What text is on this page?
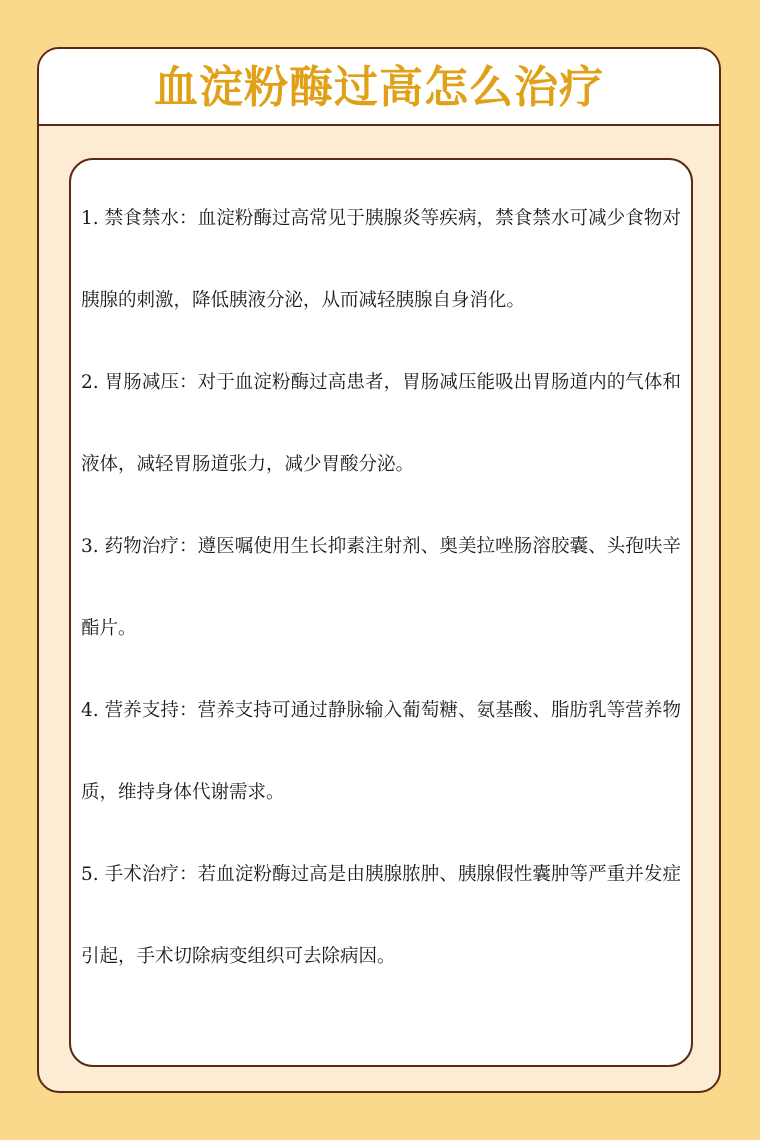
血淀粉酶过高怎么治疗

1. 禁食禁水：血淀粉酶过高常见于胰腺炎等疾病，禁食禁水可减少食物对胰腺的刺激，降低胰液分泌，从而减轻胰腺自身消化。

2. 胃肠减压：对于血淀粉酶过高患者，胃肠减压能吸出胃肠道内的气体和液体，减轻胃肠道张力，减少胃酸分泌。

3. 药物治疗：遵医嘱使用生长抑素注射剂、奥美拉唑肠溶胶囊、头孢呋辛酯片。

4. 营养支持：营养支持可通过静脉输入葡萄糖、氨基酸、脂肪乳等营养物质，维持身体代谢需求。

5. 手术治疗：若血淀粉酶过高是由胰腺脓肿、胰腺假性囊肿等严重并发症引起，手术切除病变组织可去除病因。
